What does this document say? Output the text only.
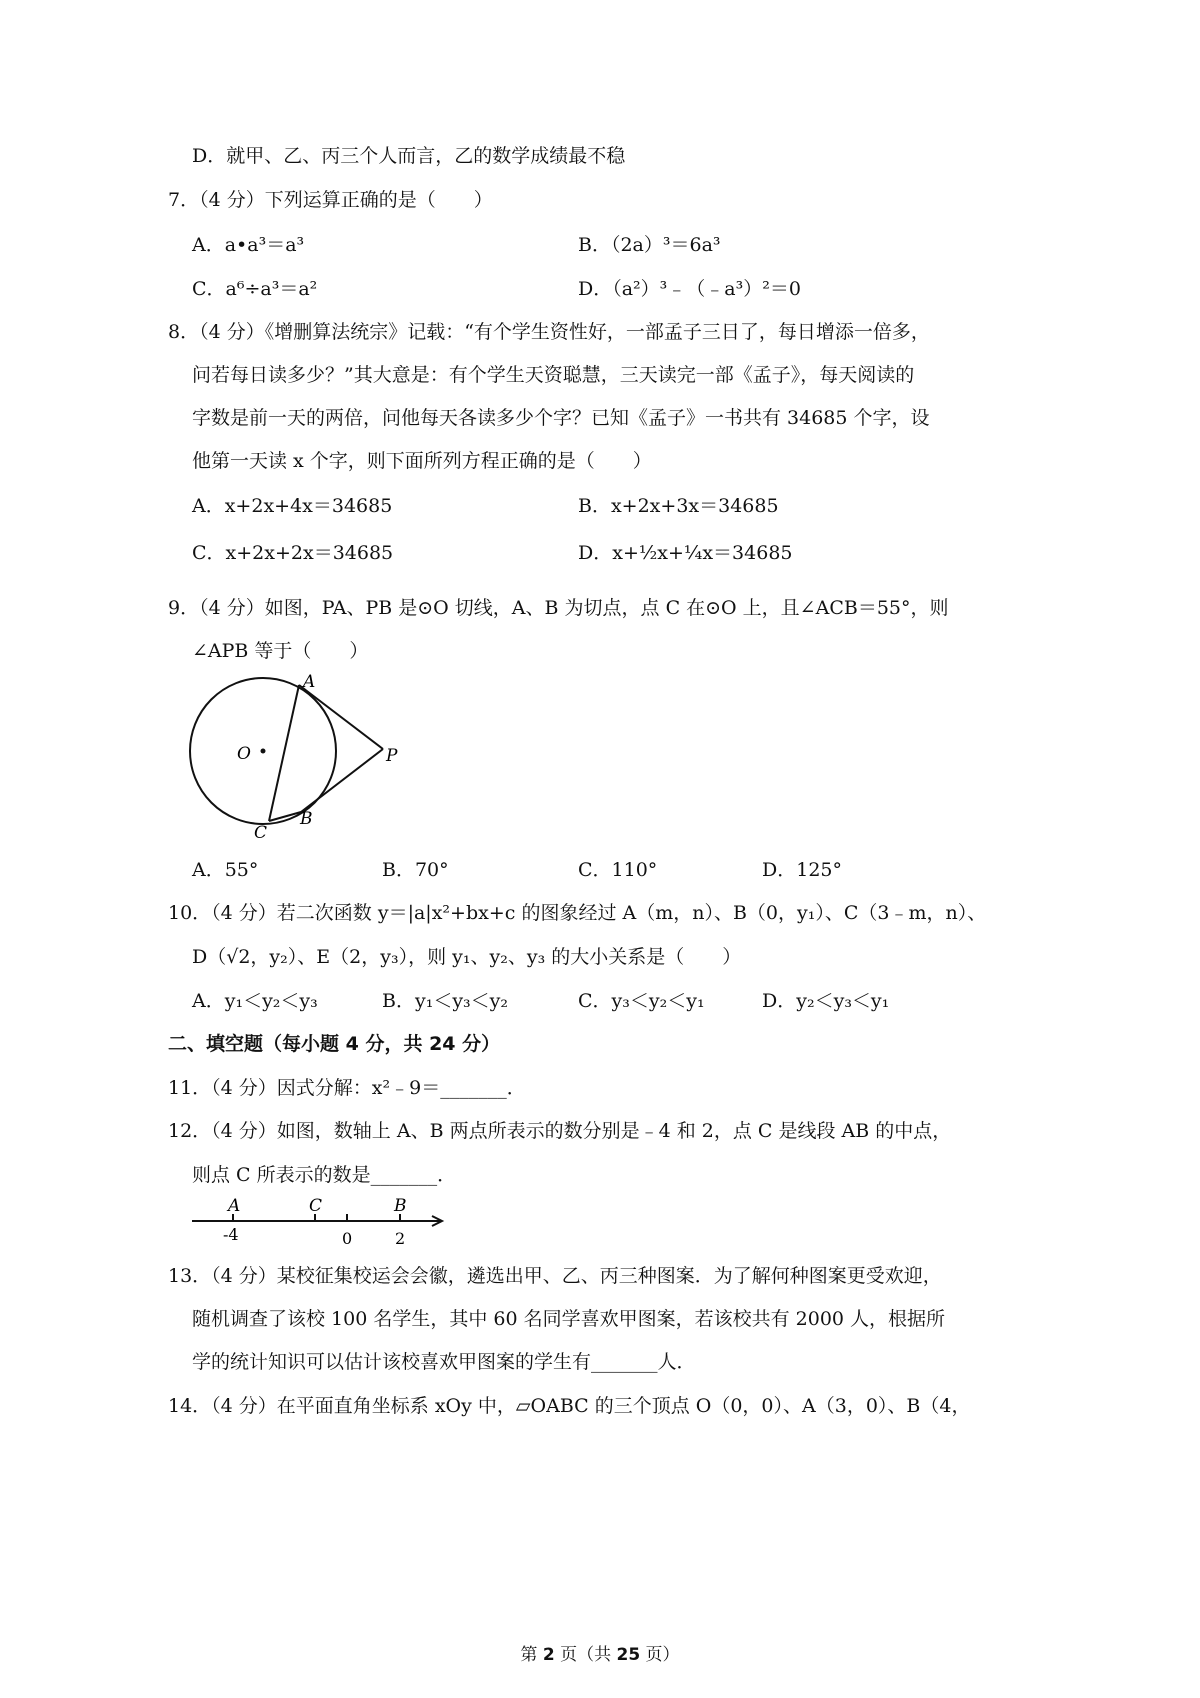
D．就甲、乙、丙三个人而言，乙的数学成绩最不稳
7．（4 分）下列运算正确的是（　　）
A．a•a³＝a³	B．（2a）³＝6a³
C．a⁶÷a³＝a²	D．（a²）³﹣（﹣a³）²＝0
8．（4 分）《增删算法统宗》记载：“有个学生资性好，一部孟子三日了，每日增添一倍多，
问若每日读多少？”其大意是：有个学生天资聪慧，三天读完一部《孟子》，每天阅读的
字数是前一天的两倍，问他每天各读多少个字？已知《孟子》一书共有 34685 个字，设
他第一天读 x 个字，则下面所列方程正确的是（　　）
A．x+2x+4x＝34685	B．x+2x+3x＝34685
C．x+2x+2x＝34685	D．x+½x+¼x＝34685
9．（4 分）如图，PA、PB 是⊙O 切线，A、B 为切点，点 C 在⊙O 上，且∠ACB＝55°，则
∠APB 等于（　　）
A
O	P
B
C
A．55°	B．70°	C．110°	D．125°
10．（4 分）若二次函数 y＝|a|x²+bx+c 的图象经过 A（m，n）、B（0，y₁）、C（3﹣m，n）、
D（√2，y₂）、E（2，y₃），则 y₁、y₂、y₃ 的大小关系是（　　）
A．y₁＜y₂＜y₃	B．y₁＜y₃＜y₂	C．y₃＜y₂＜y₁	D．y₂＜y₃＜y₁
二、填空题（每小题 4 分，共 24 分）
11．（4 分）因式分解：x²﹣9＝_______．
12．（4 分）如图，数轴上 A、B 两点所表示的数分别是﹣4 和 2，点 C 是线段 AB 的中点，
则点 C 所表示的数是_______．
A	C	B
-4	0	2
13．（4 分）某校征集校运会会徽，遴选出甲、乙、丙三种图案．为了解何种图案更受欢迎，
随机调查了该校 100 名学生，其中 60 名同学喜欢甲图案，若该校共有 2000 人，根据所
学的统计知识可以估计该校喜欢甲图案的学生有_______人．
14．（4 分）在平面直角坐标系 xOy 中，▱OABC 的三个顶点 O（0，0）、A（3，0）、B（4，
第 2 页（共 25 页）
